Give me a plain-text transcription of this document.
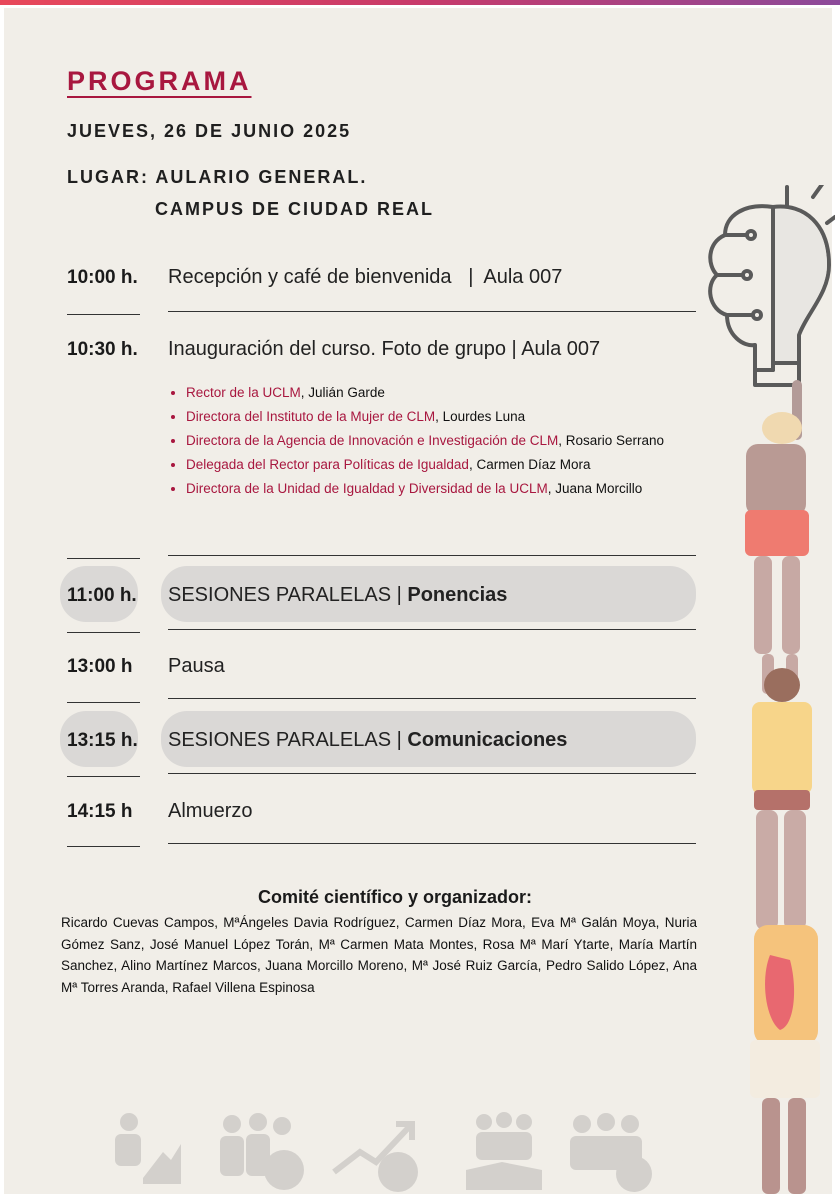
PROGRAMA
JUEVES, 26 DE JUNIO 2025
LUGAR: AULARIO GENERAL.
CAMPUS DE CIUDAD REAL
10:00 h. Recepción y café de bienvenida   |  Aula 007
10:30 h. Inauguración del curso. Foto de grupo | Aula 007
• Rector de la UCLM, Julián Garde
• Directora del Instituto de la Mujer de CLM, Lourdes Luna
• Directora de la Agencia de Innovación e Investigación de CLM, Rosario Serrano
• Delegada del Rector para Políticas de Igualdad, Carmen Díaz Mora
• Directora de la Unidad de Igualdad y Diversidad de la UCLM, Juana Morcillo
11:00 h. SESIONES PARALELAS | Ponencias
13:00 h Pausa
13:15 h. SESIONES PARALELAS | Comunicaciones
14:15 h Almuerzo
Comité científico y organizador:
Ricardo Cuevas Campos, MªÁngeles Davia Rodríguez, Carmen Díaz Mora, Eva Mª Galán Moya, Nuria Gómez Sanz, José Manuel López Torán, Mª Carmen Mata Montes, Rosa Mª Marí Ytarte, María Martín Sanchez, Alino Martínez Marcos, Juana Morcillo Moreno, Mª José Ruiz García, Pedro Salido López, Ana Mª Torres Aranda, Rafael Villena Espinosa
